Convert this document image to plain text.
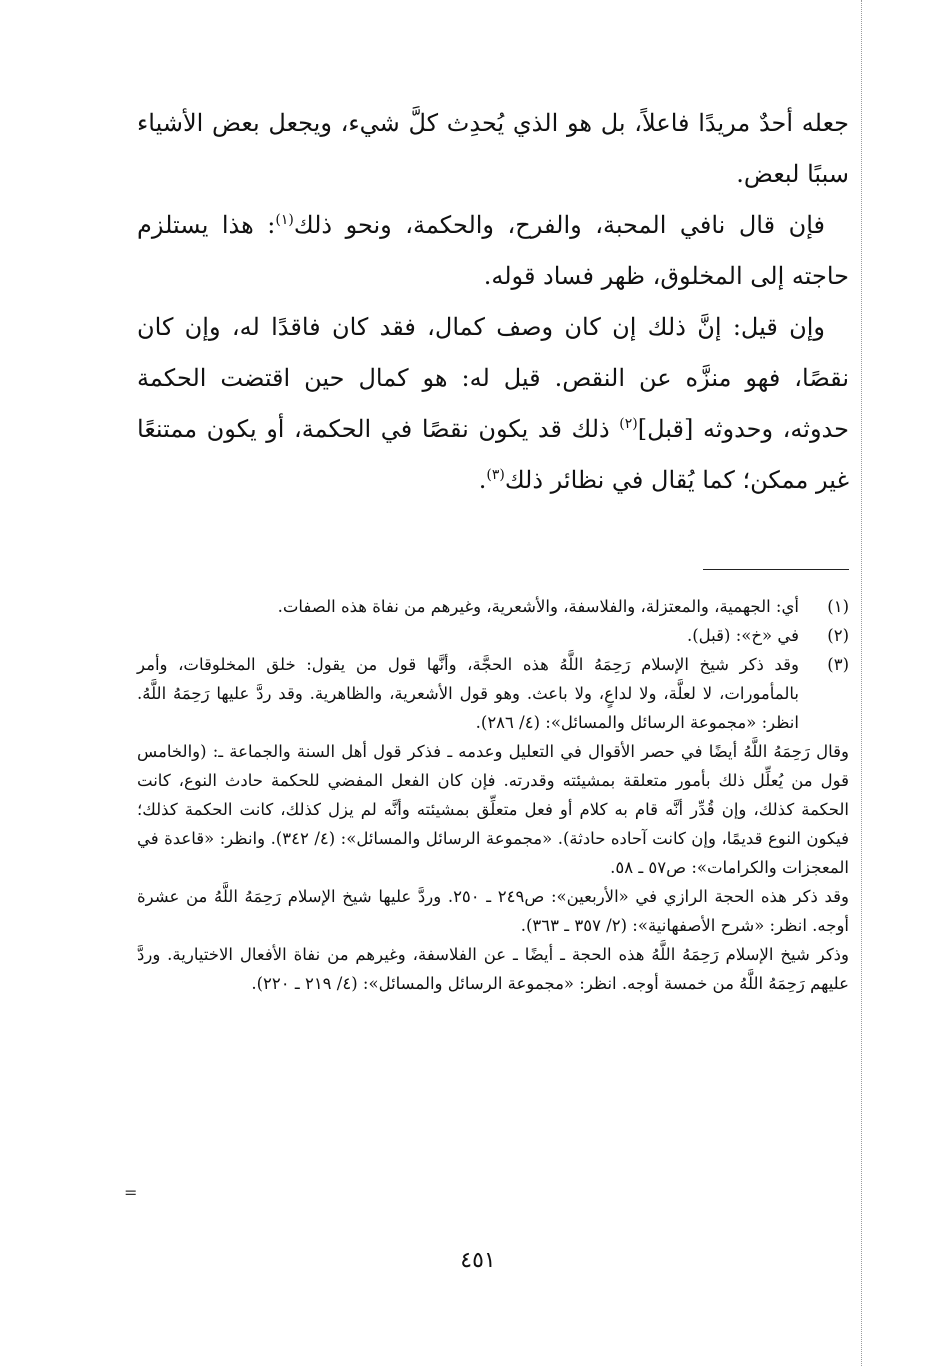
جعله أحدٌ مريدًا فاعلاً، بل هو الذي يُحدِث كلَّ شيء، ويجعل بعض الأشياء سببًا لبعض.

فإن قال نافي المحبة، والفرح، والحكمة، ونحو ذلك$^{(١)}$: هذا يستلزم حاجته إلى المخلوق، ظهر فساد قوله.

وإن قيل: إنَّ ذلك إن كان وصف كمال، فقد كان فاقدًا له، وإن كان نقصًا، فهو منزَّه عن النقص. قيل له: هو كمال حين اقتضت الحكمة حدوثه، وحدوثه [قبل]$^{(٢)}$ ذلك قد يكون نقصًا في الحكمة، أو يكون ممتنعًا غير ممكن؛ كما يُقال في نظائر ذلك$^{(٣)}$.

(١)

أي: الجهمية، والمعتزلة، والفلاسفة، والأشعرية، وغيرهم من نفاة هذه الصفات.

(٢)

في «خ»: (قبل).

(٣)

وقد ذكر شيخ الإسلام رَحِمَهُ اللَّهُ هذه الحجَّة، وأنَّها قول من يقول: خلق المخلوقات، وأمر بالمأمورات، لا لعلَّة، ولا لداعٍ، ولا باعث. وهو قول الأشعرية، والظاهرية. وقد ردَّ عليها رَحِمَهُ اللَّهُ. انظر: «مجموعة الرسائل والمسائل»: (٤/ ٢٨٦).

وقال رَحِمَهُ اللَّهُ أيضًا في حصر الأقوال في التعليل وعدمه ـ فذكر قول أهل السنة والجماعة ـ: (والخامس قول من يُعلِّل ذلك بأمور متعلقة بمشيئته وقدرته. فإن كان الفعل المفضي للحكمة حادث النوع، كانت الحكمة كذلك، وإن قُدِّر أنَّه قام به كلام أو فعل متعلِّق بمشيئته وأنَّه لم يزل كذلك، كانت الحكمة كذلك؛ فيكون النوع قديمًا، وإن كانت آحاده حادثة). «مجموعة الرسائل والمسائل»: (٤/ ٣٤٢). وانظر: «قاعدة في المعجزات والكرامات»: ص٥٧ ـ ٥٨.

وقد ذكر هذه الحجة الرازي في «الأربعين»: ص٢٤٩ ـ ٢٥٠. وردَّ عليها شيخ الإسلام رَحِمَهُ اللَّهُ من عشرة أوجه. انظر: «شرح الأصفهانية»: (٢/ ٣٥٧ ـ ٣٦٣).

وذكر شيخ الإسلام رَحِمَهُ اللَّهُ هذه الحجة ـ أيضًا ـ عن الفلاسفة، وغيرهم من نفاة الأفعال الاختيارية. وردَّ عليهم رَحِمَهُ اللَّهُ من خمسة أوجه. انظر: «مجموعة الرسائل والمسائل»: (٤/ ٢١٩ ـ ٢٢٠).

=
٤٥١
